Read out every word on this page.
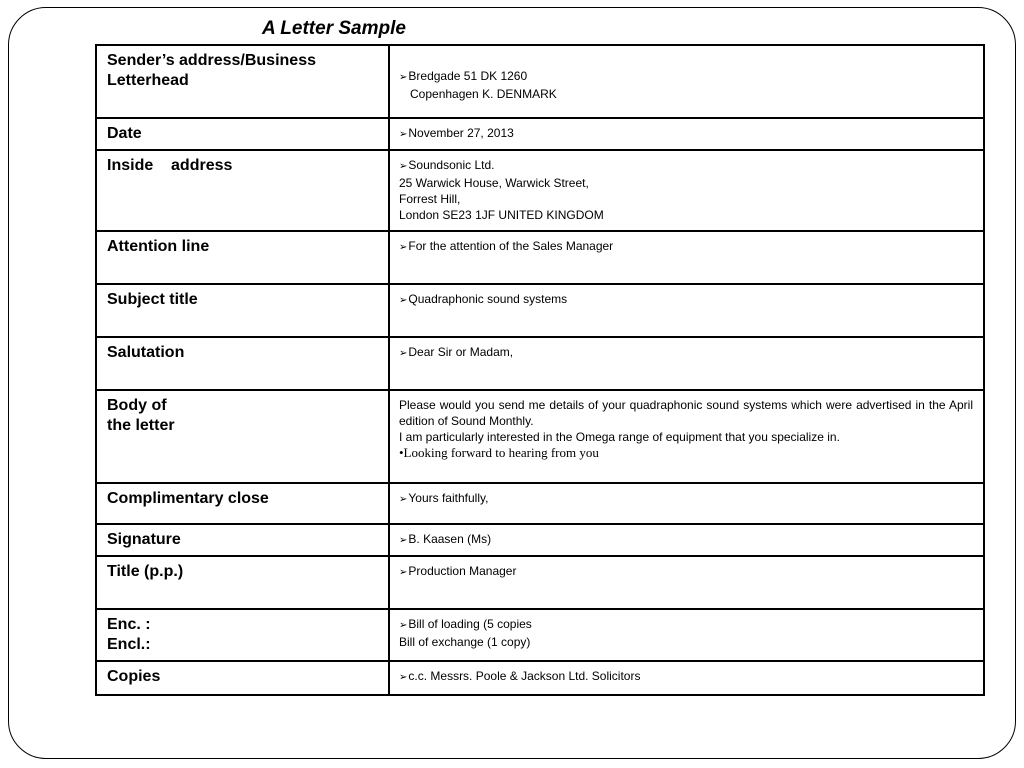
A Letter Sample
Sender’s address/Business Letterhead	➢Bredgade 51 DK 1260
Copenhagen K. DENMARK

Date	➢November 27, 2013

Inside    address	➢Soundsonic Ltd.
25 Warwick House, Warwick Street,
Forrest Hill,
London SE23 1JF UNITED KINGDOM

Attention line	➢For the attention of the Sales Manager

Subject title	➢Quadraphonic sound systems

Salutation	➢Dear Sir or Madam,

Body of
the letter	Please would you send me details of your quadraphonic sound systems which were advertised in the April edition of Sound Monthly.
I am particularly interested in the Omega range of equipment that you specialize in.
•Looking forward to hearing from you

Complimentary close	➢Yours faithfully,

Signature	➢B. Kaasen (Ms)

Title (p.p.)	➢Production Manager

Enc. :
Encl.:	➢Bill of loading (5 copies
Bill of exchange (1 copy)

Copies	➢c.c. Messrs. Poole & Jackson Ltd. Solicitors
